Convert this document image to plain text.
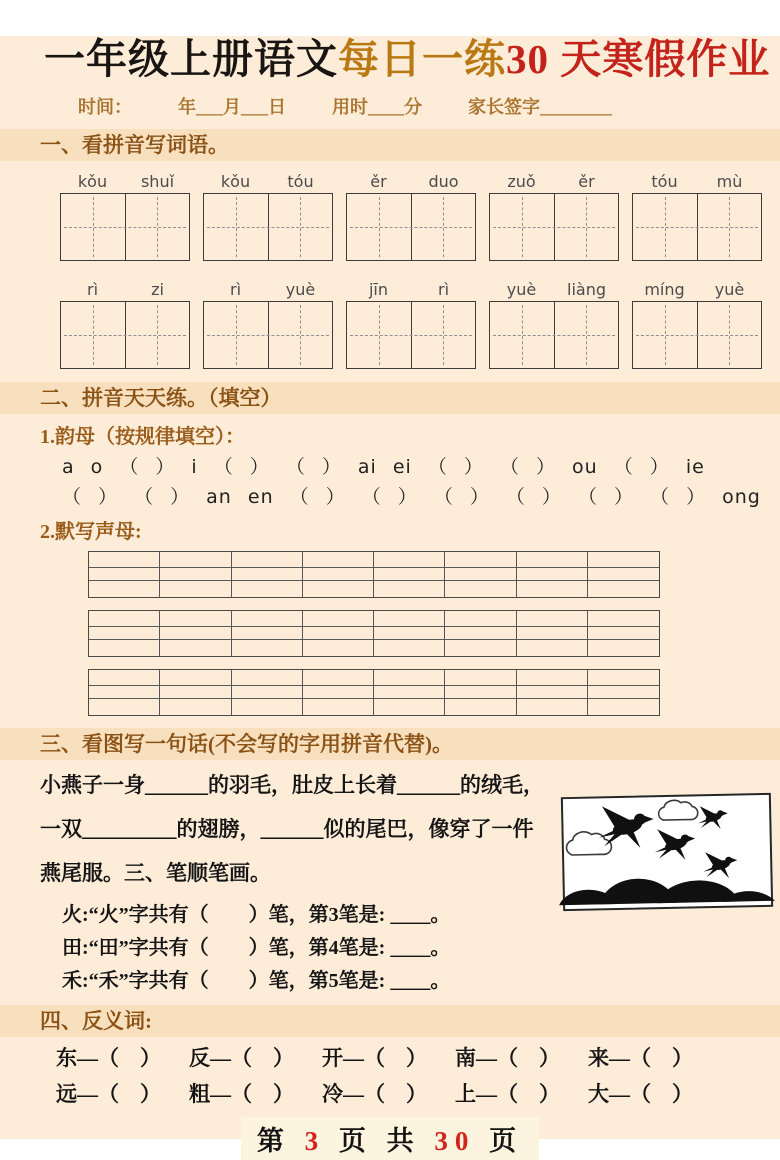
一年级上册语文每日一练30 天寒假作业
时间：	年___月___日	用时____分	家长签字________
一、看拼音写词语。
kǒu	shuǐ	kǒu	tóu	ěr	duo	zuǒ	ěr	tóu	mù
rì	zi	rì	yuè	jīn	rì	yuè	liàng	míng	yuè
二、拼音天天练。（填空）
1.韵母（按规律填空）：
a o （ ） i （ ） （ ） ai ei （ ） （ ） ou （ ） ie
（ ） （ ） an en （ ） （ ） （ ） （ ） （ ） （ ） ong
2.默写声母:
三、看图写一句话(不会写的字用拼音代替)。
小燕子一身______的羽毛，肚皮上长着______的绒毛，
一双_________的翅膀，______似的尾巴，像穿了一件
燕尾服。三、笔顺笔画。
火:“火”字共有（　　）笔，第3笔是: ____。
田:“田”字共有（　　）笔，第4笔是: ____。
禾:“禾”字共有（　　）笔，第5笔是: ____。
四、反义词:
东—（　） 反—（　） 开—（　） 南—（　） 来—（　）
远—（　） 粗—（　） 冷—（　） 上—（　） 大—（　）
第 3 页 共 30 页
